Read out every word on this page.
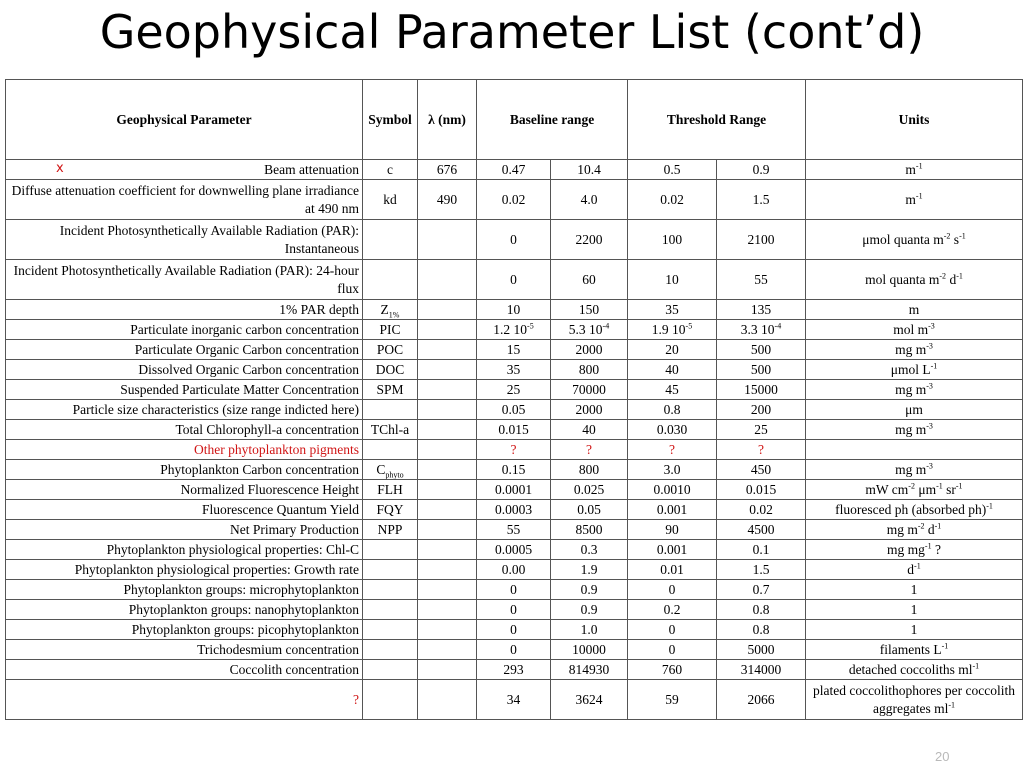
Geophysical Parameter List (cont’d)
Geophysical Parameter	Symbol	λ (nm)	Baseline range		Threshold Range		Units

x Beam attenuation	c	676	0.47	10.4	0.5	0.9	$m^{-1}$
Diffuse attenuation coefficient for downwelling plane irradiance at 490 nm	kd	490	0.02	4.0	0.02	1.5	$m^{-1}$
Incident Photosynthetically Available Radiation (PAR): Instantaneous			0	2200	100	2100	μmol quanta $m^{-2}$ $s^{-1}$
Incident Photosynthetically Available Radiation (PAR): 24-hour flux			0	60	10	55	mol quanta $m^{-2}$ $d^{-1}$
1% PAR depth	$Z_{1\%}$		10	150	35	135	m
Particulate inorganic carbon concentration	PIC		1.2 $10^{-5}$	5.3 $10^{-4}$	1.9 $10^{-5}$	3.3 $10^{-4}$	mol $m^{-3}$
Particulate Organic Carbon concentration	POC		15	2000	20	500	mg $m^{-3}$
Dissolved Organic Carbon concentration	DOC		35	800	40	500	μmol $L^{-1}$
Suspended Particulate Matter Concentration	SPM		25	70000	45	15000	mg $m^{-3}$
Particle size characteristics (size range indicted here)			0.05	2000	0.8	200	μm
Total Chlorophyll-a concentration	TChl-a		0.015	40	0.030	25	mg $m^{-3}$
Other phytoplankton pigments			?	?	?	?	
Phytoplankton Carbon concentration	$C_{phyto}$		0.15	800	3.0	450	mg $m^{-3}$
Normalized Fluorescence Height	FLH		0.0001	0.025	0.0010	0.015	mW $cm^{-2}$ $\mu m^{-1}$ $sr^{-1}$
Fluorescence Quantum Yield	FQY		0.0003	0.05	0.001	0.02	fluoresced ph (absorbed ph)$^{-1}$
Net Primary Production	NPP		55	8500	90	4500	mg $m^{-2}$ $d^{-1}$
Phytoplankton physiological properties: Chl-C			0.0005	0.3	0.001	0.1	mg $mg^{-1}$ ?
Phytoplankton physiological properties: Growth rate			0.00	1.9	0.01	1.5	$d^{-1}$
Phytoplankton groups: microphytoplankton			0	0.9	0	0.7	1
Phytoplankton groups: nanophytoplankton			0	0.9	0.2	0.8	1
Phytoplankton groups: picophytoplankton			0	1.0	0	0.8	1
Trichodesmium concentration			0	10000	0	5000	filaments $L^{-1}$
Coccolith concentration			293	814930	760	314000	detached coccoliths $ml^{-1}$
?			34	3624	59	2066	plated coccolithophores per coccolith aggregates $ml^{-1}$
20
